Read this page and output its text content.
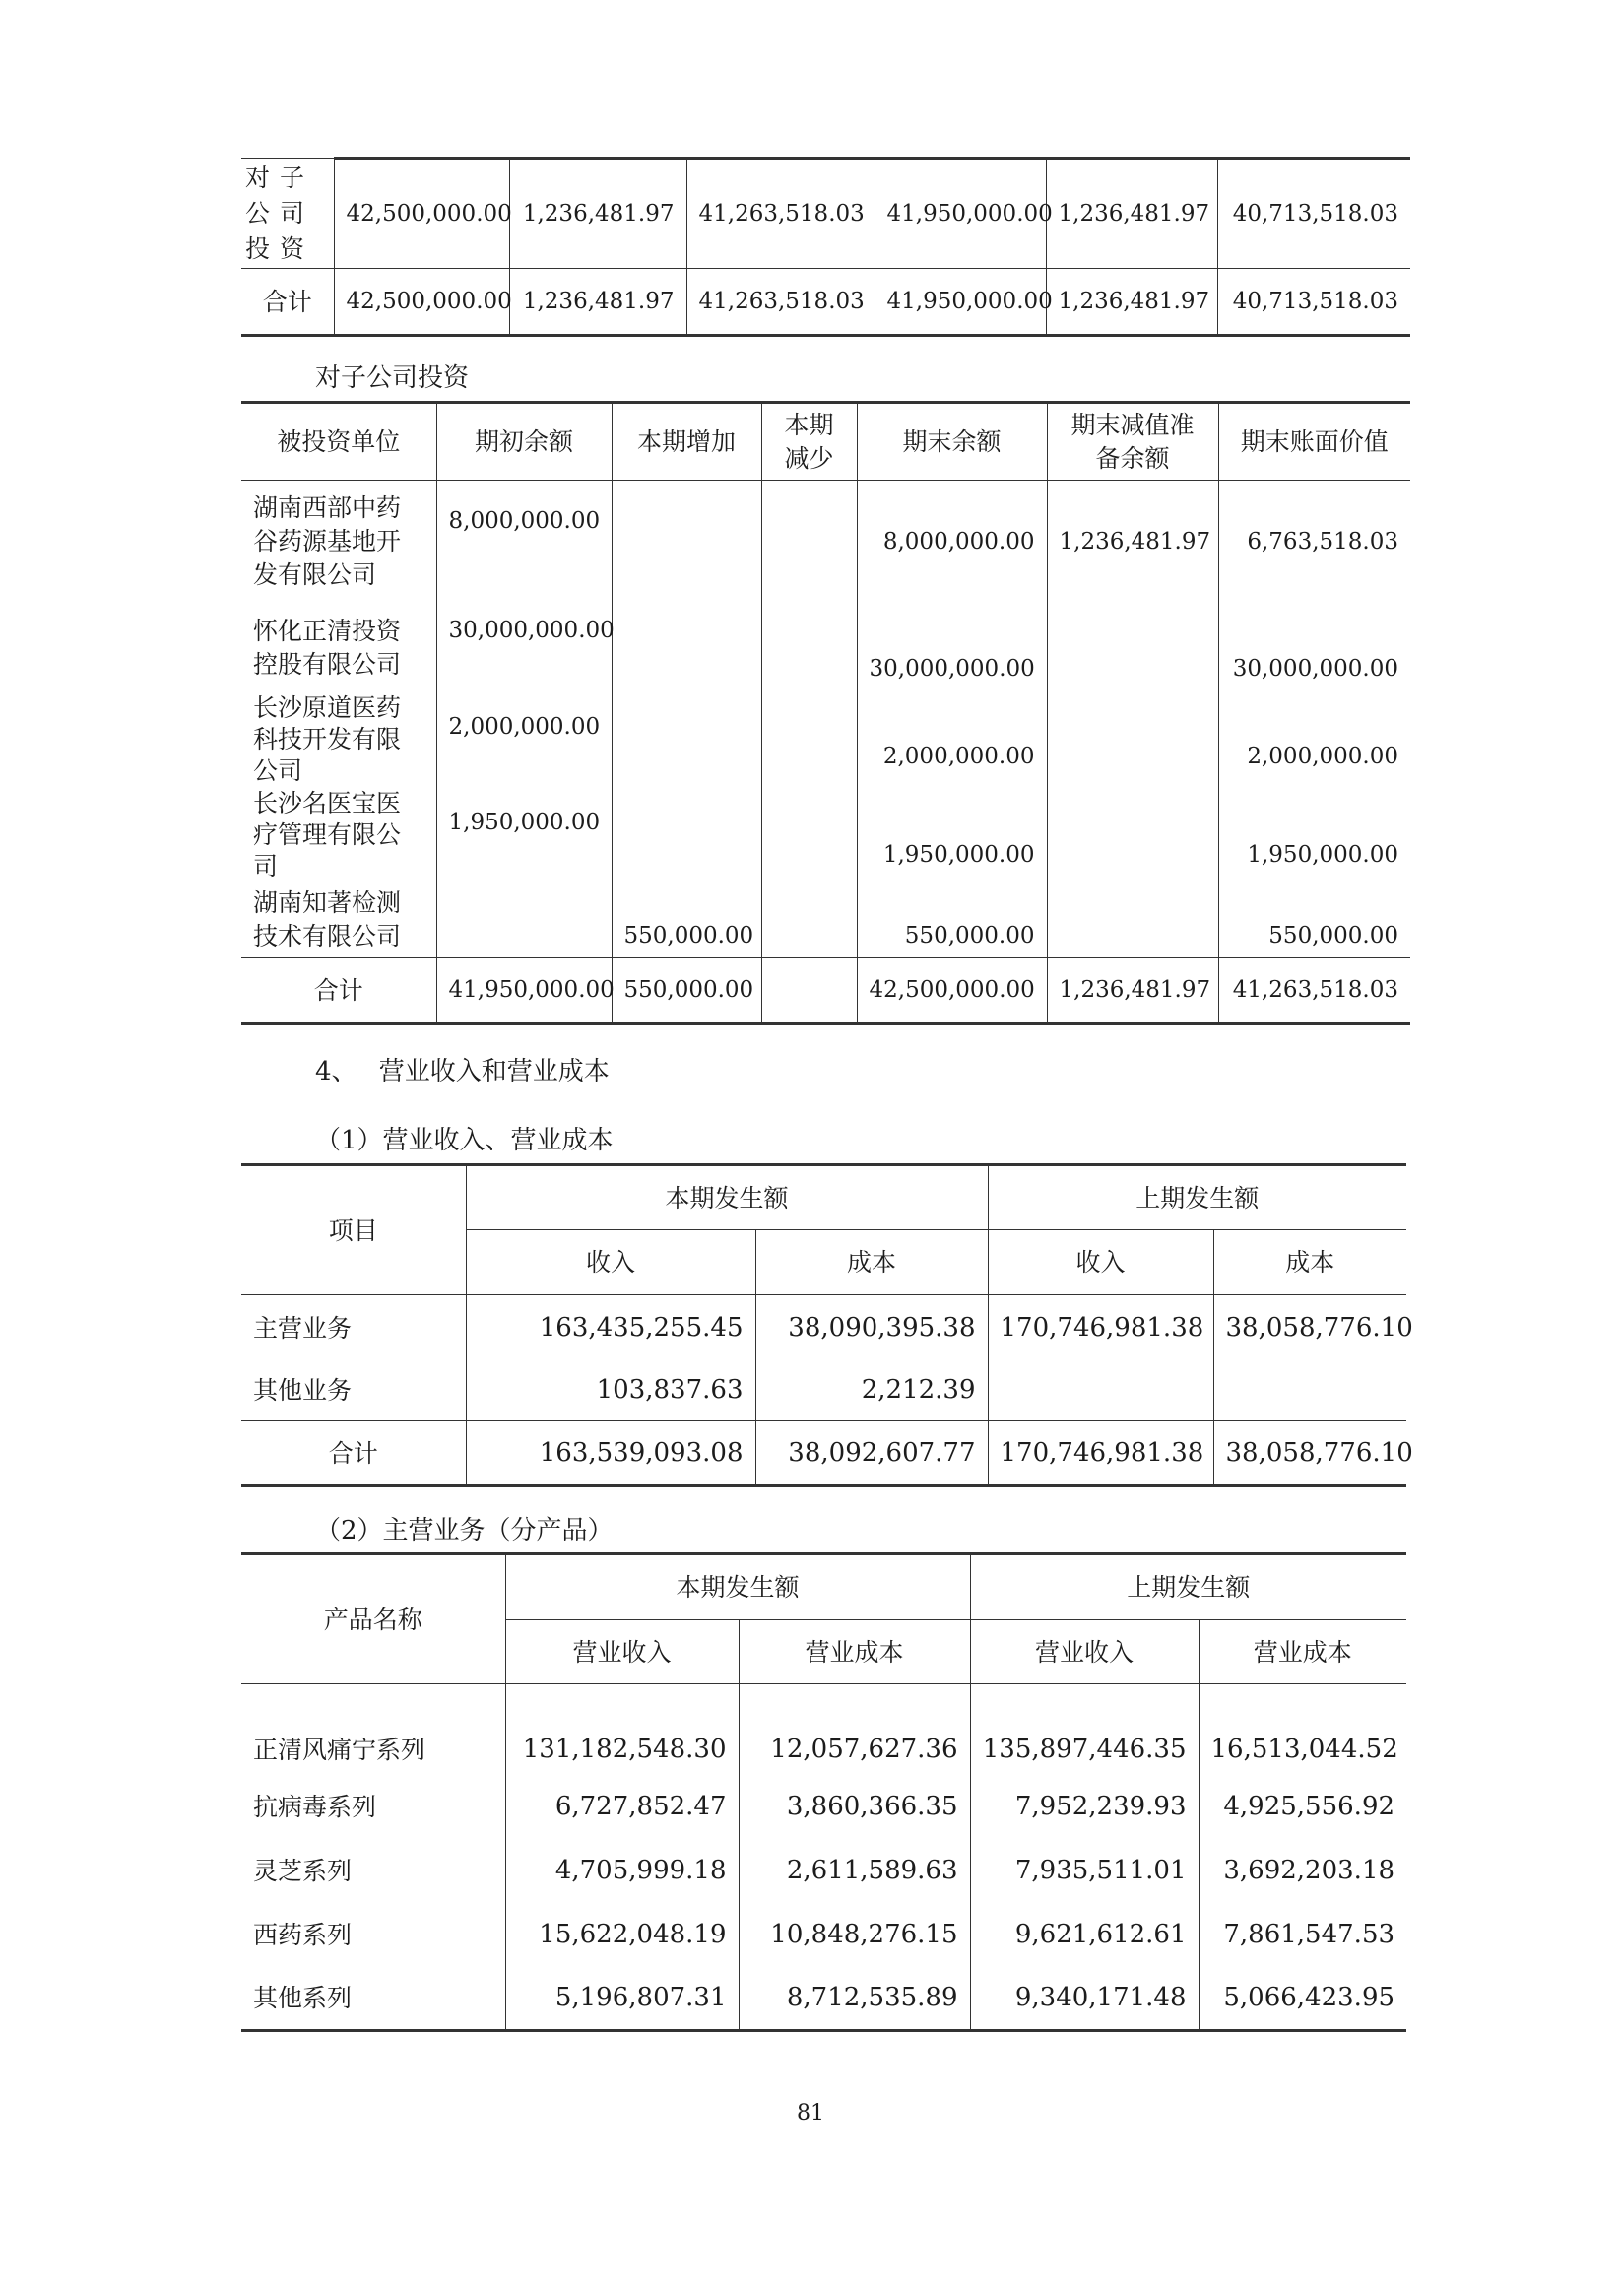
对子公司投资	42,500,000.00	1,236,481.97	41,263,518.03	41,950,000.00	1,236,481.97	40,713,518.03
合计	42,500,000.00	1,236,481.97	41,263,518.03	41,950,000.00	1,236,481.97	40,713,518.03
对子公司投资
被投资单位	期初余额	本期增加	本期减少	期末余额	期末减值准备余额	期末账面价值
湖南西部中药谷药源基地开发有限公司	8,000,000.00			8,000,000.00	1,236,481.97	6,763,518.03
怀化正清投资控股有限公司	30,000,000.00			30,000,000.00		30,000,000.00
长沙原道医药科技开发有限公司	2,000,000.00			2,000,000.00		2,000,000.00
长沙名医宝医疗管理有限公司	1,950,000.00			1,950,000.00		1,950,000.00
湖南知著检测技术有限公司		550,000.00		550,000.00		550,000.00
合计	41,950,000.00	550,000.00		42,500,000.00	1,236,481.97	41,263,518.03
4、 营业收入和营业成本
（1）营业收入、营业成本
项目	本期发生额		上期发生额	
	收入	成本	收入	成本
主营业务	163,435,255.45	38,090,395.38	170,746,981.38	38,058,776.10
其他业务	103,837.63	2,212.39		
合计	163,539,093.08	38,092,607.77	170,746,981.38	38,058,776.10
（2）主营业务（分产品）
产品名称	本期发生额		上期发生额	
	营业收入	营业成本	营业收入	营业成本
正清风痛宁系列	131,182,548.30	12,057,627.36	135,897,446.35	16,513,044.52
抗病毒系列	6,727,852.47	3,860,366.35	7,952,239.93	4,925,556.92
灵芝系列	4,705,999.18	2,611,589.63	7,935,511.01	3,692,203.18
西药系列	15,622,048.19	10,848,276.15	9,621,612.61	7,861,547.53
其他系列	5,196,807.31	8,712,535.89	9,340,171.48	5,066,423.95
81
